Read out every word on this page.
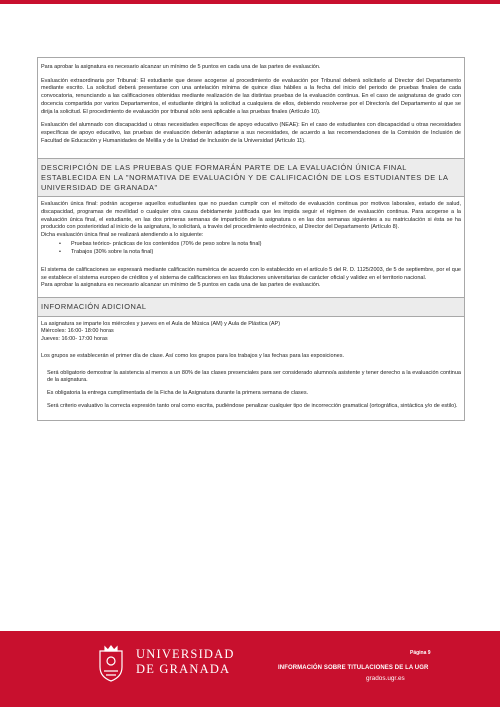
Para aprobar la asignatura es necesario alcanzar un mínimo de 5 puntos en cada una de las partes de evaluación.

Evaluación extraordinaria por Tribunal: El estudiante que desee acogerse al procedimiento de evaluación por Tribunal deberá solicitarlo al Director del Departamento mediante escrito. La solicitud deberá presentarse con una antelación mínima de quince días hábiles a la fecha del inicio del periodo de pruebas finales de cada convocatoria, renunciando a las calificaciones obtenidas mediante realización de las distintas pruebas de la evaluación continua. En el caso de asignaturas de grado con docencia compartida por varios Departamentos, el estudiante dirigirá la solicitud a cualquiera de ellos, debiendo resolverse por el Director/a del Departamento al que se dirija la solicitud. El procedimiento de evaluación por tribunal sólo será aplicable a las pruebas finales (Artículo 10).

Evaluación del alumnado con discapacidad u otras necesidades específicas de apoyo educativo (NEAE): En el caso de estudiantes con discapacidad u otras necesidades específicas de apoyo educativo, las pruebas de evaluación deberán adaptarse a sus necesidades, de acuerdo a las recomendaciones de la Comisión de Inclusión de Facultad de Educación y Humanidades de Melilla y de la Unidad de Inclusión de la Universidad (Artículo 11).

DESCRIPCIÓN DE LAS PRUEBAS QUE FORMARÁN PARTE DE LA EVALUACIÓN ÚNICA FINAL ESTABLECIDA EN LA "NORMATIVA DE EVALUACIÓN Y DE CALIFICACIÓN DE LOS ESTUDIANTES DE LA UNIVERSIDAD DE GRANADA"

Evaluación única final: podrán acogerse aquellos estudiantes que no puedan cumplir con el método de evaluación continua por motivos laborales, estado de salud, discapacidad, programas de movilidad o cualquier otra causa debidamente justificada que les impida seguir el régimen de evaluación continua. Para acogerse a la evaluación única final, el estudiante, en las dos primeras semanas de impartición de la asignatura o en las dos semanas siguientes a su matriculación si ésta se ha producido con posterioridad al inicio de la asignatura, lo solicitará, a través del procedimiento electrónico, al Director del Departamento (Artículo 8).

Dicha evaluación única final se realizará atendiendo a lo siguiente:

• Pruebas teórico- prácticas de los contenidos (70% de peso sobre la nota final)
• Trabajos (30% sobre la nota final)

El sistema de calificaciones se expresará mediante calificación numérica de acuerdo con lo establecido en el artículo 5 del R. D. 1125/2003, de 5 de septiembre, por el que se establece el sistema europeo de créditos y el sistema de calificaciones en las titulaciones universitarias de carácter oficial y validez en el territorio nacional.

Para aprobar la asignatura es necesario alcanzar un mínimo de 5 puntos en cada una de las partes de evaluación.

INFORMACIÓN ADICIONAL

La asignatura se imparte los miércoles y jueves en el Aula de Música (AM) y Aula de Plástica (AP)

Miércoles: 16:00- 18:00 horas

Jueves: 16:00- 17:00 horas

Los grupos se establecerán el primer día de clase. Así como los grupos para los trabajos y las fechas para las exposiciones.

Será obligatorio demostrar la asistencia al menos a un 80% de las clases presenciales para ser considerado alumno/a asistente y tener derecho a la evaluación continua de la asignatura.

Es obligatoria la entrega cumplimentada de la Ficha de la Asignatura durante la primera semana de clases.

Será criterio evaluativo la correcta expresión tanto oral como escrita, pudiéndose penalizar cualquier tipo de incorrección gramatical (ortográfica, sintáctica y/o de estilo).

UNIVERSIDAD
DE GRANADA
Página 9
INFORMACIÓN SOBRE TITULACIONES DE LA UGR
grados.ugr.es
